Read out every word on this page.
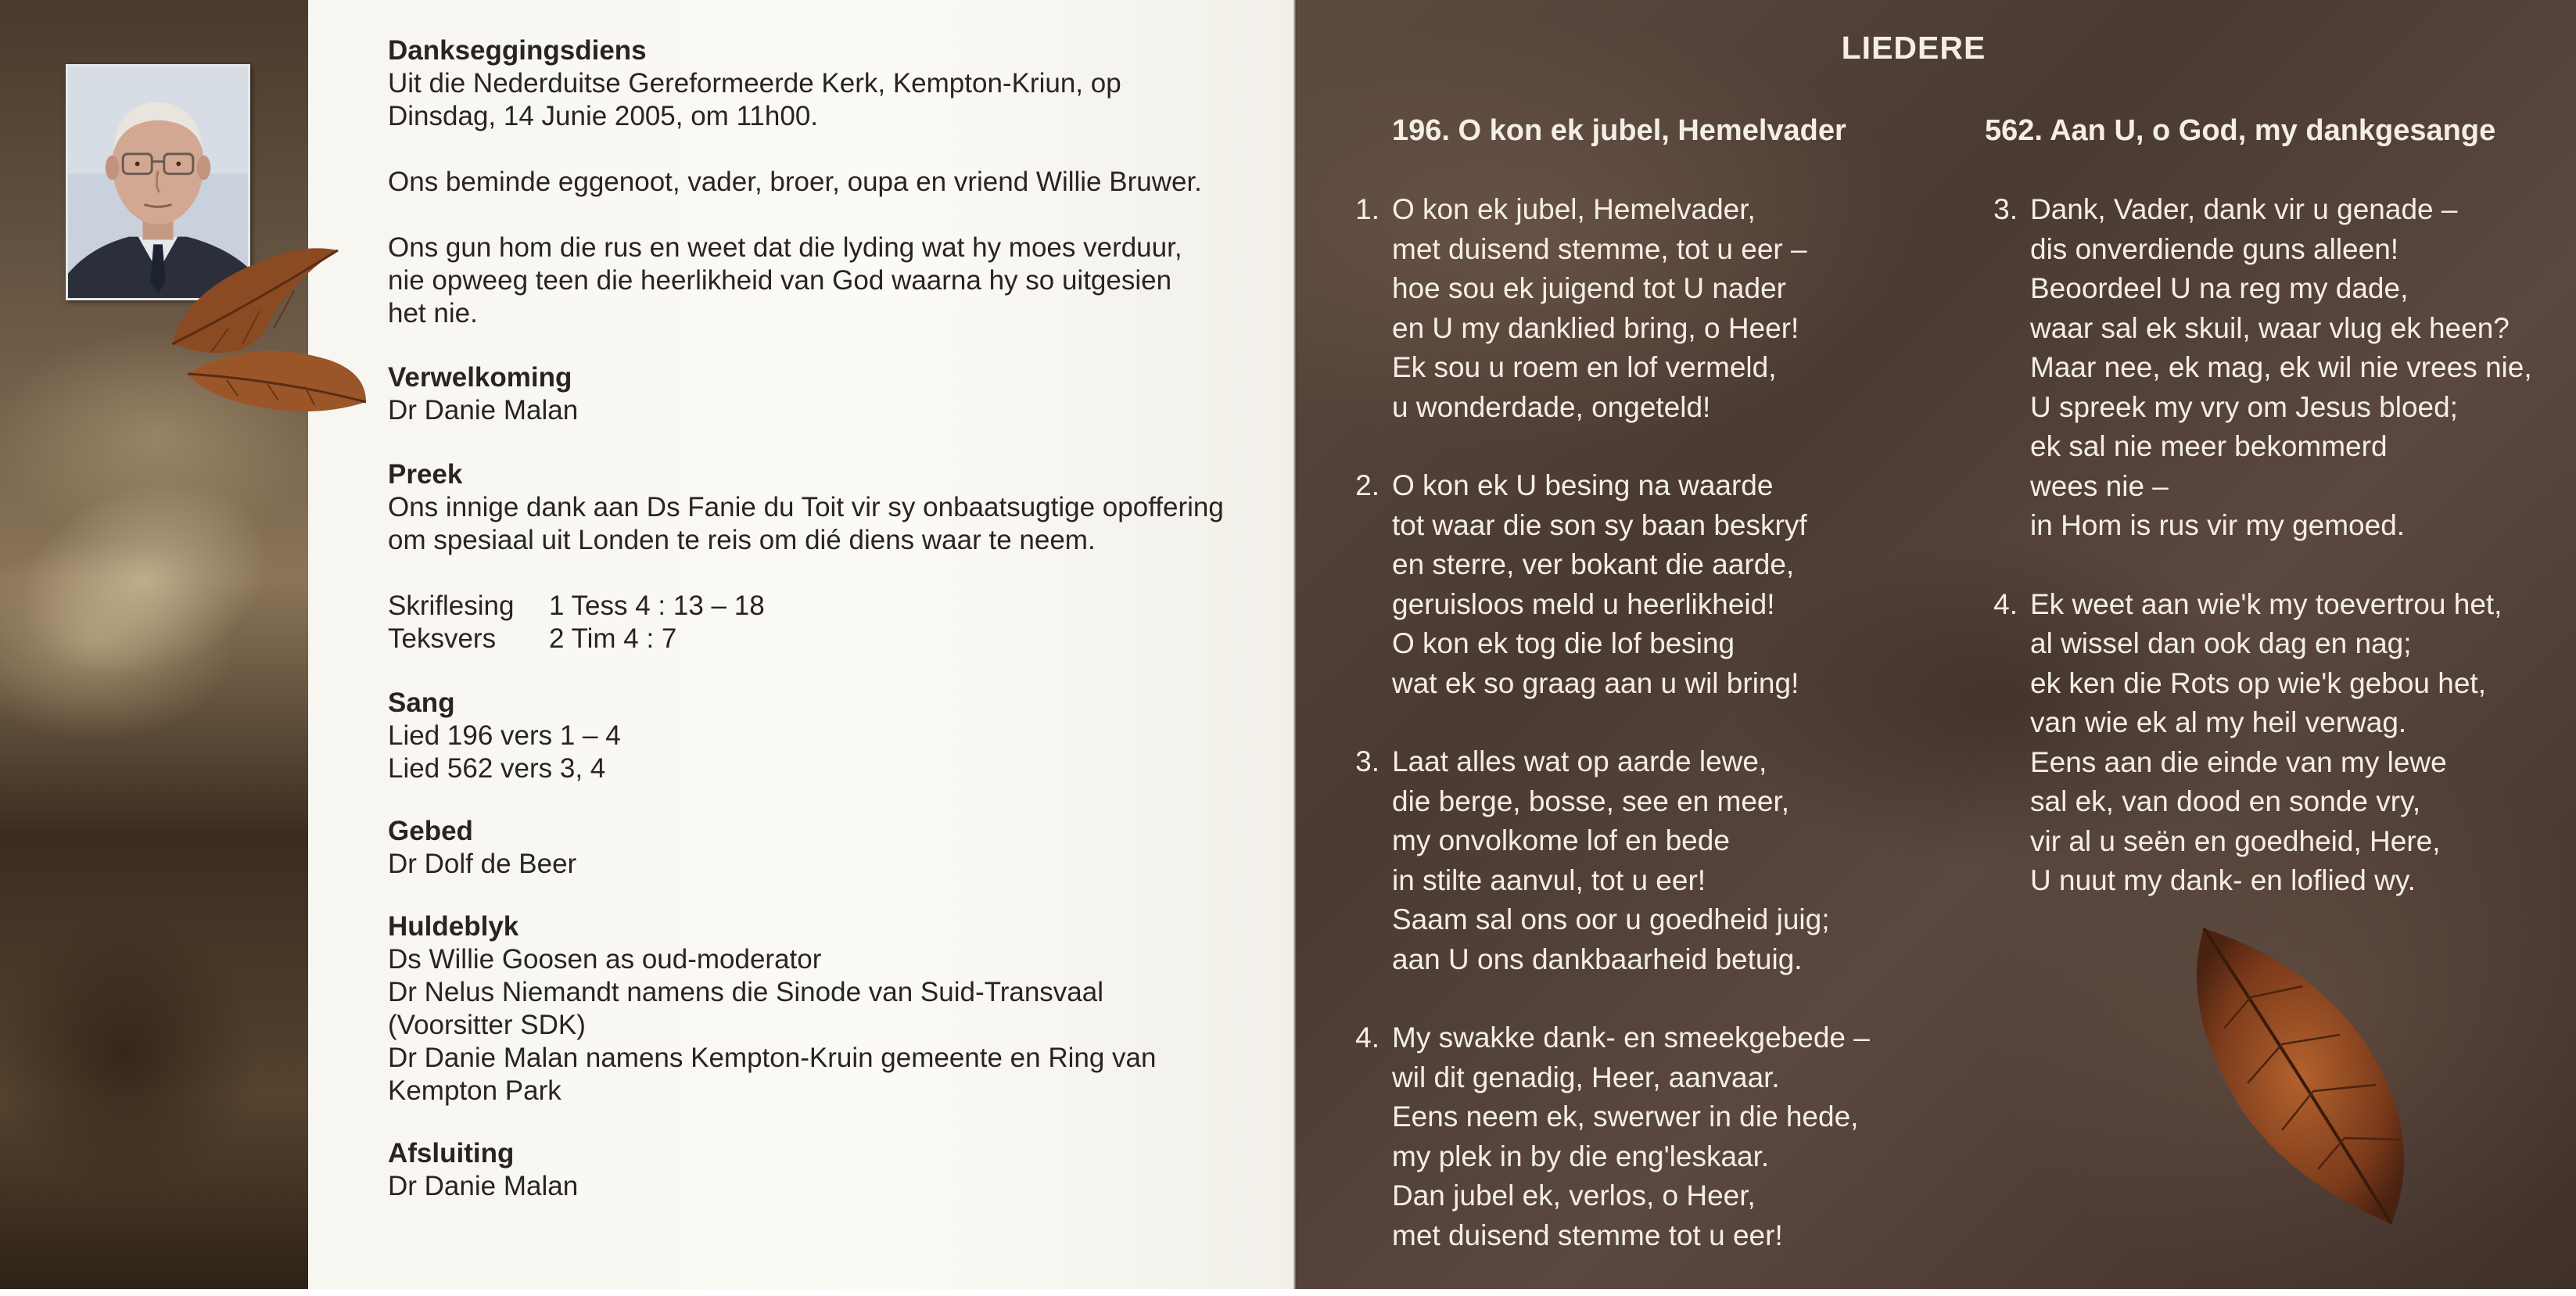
Dankseggingsdiens
Uit die Nederduitse Gereformeerde Kerk, Kempton-Kriun, op
Dinsdag, 14 Junie 2005, om 11h00.
Ons beminde eggenoot, vader, broer, oupa en vriend Willie Bruwer.
Ons gun hom die rus en weet dat die lyding wat hy moes verduur,
nie opweeg teen die heerlikheid van God waarna hy so uitgesien
het nie.
Verwelkoming
Dr Danie Malan
Preek
Ons innige dank aan Ds Fanie du Toit vir sy onbaatsugtige opoffering
om spesiaal uit Londen te reis om dié diens waar te neem.
Skriflesing	1 Tess 4 : 13 – 18
Teksvers	2 Tim 4 : 7
Sang
Lied 196 vers 1 – 4
Lied 562 vers 3, 4
Gebed
Dr Dolf de Beer
Huldeblyk
Ds Willie Goosen as oud-moderator
Dr Nelus Niemandt namens die Sinode van Suid-Transvaal
(Voorsitter SDK)
Dr Danie Malan namens Kempton-Kruin gemeente en Ring van
Kempton Park
Afsluiting
Dr Danie Malan
LIEDERE
196. O kon ek jubel, Hemelvader	562. Aan U, o God, my dankgesange
1. O kon ek jubel, Hemelvader,
met duisend stemme, tot u eer –
hoe sou ek juigend tot U nader
en U my danklied bring, o Heer!
Ek sou u roem en lof vermeld,
u wonderdade, ongeteld!
2. O kon ek U besing na waarde
tot waar die son sy baan beskryf
en sterre, ver bokant die aarde,
geruisloos meld u heerlikheid!
O kon ek tog die lof besing
wat ek so graag aan u wil bring!
3. Laat alles wat op aarde lewe,
die berge, bosse, see en meer,
my onvolkome lof en bede
in stilte aanvul, tot u eer!
Saam sal ons oor u goedheid juig;
aan U ons dankbaarheid betuig.
4. My swakke dank- en smeekgebede –
wil dit genadig, Heer, aanvaar.
Eens neem ek, swerwer in die hede,
my plek in by die eng'leskaar.
Dan jubel ek, verlos, o Heer,
met duisend stemme tot u eer!
3. Dank, Vader, dank vir u genade –
dis onverdiende guns alleen!
Beoordeel U na reg my dade,
waar sal ek skuil, waar vlug ek heen?
Maar nee, ek mag, ek wil nie vrees nie,
U spreek my vry om Jesus bloed;
ek sal nie meer bekommerd
wees nie –
in Hom is rus vir my gemoed.
4. Ek weet aan wie'k my toevertrou het,
al wissel dan ook dag en nag;
ek ken die Rots op wie'k gebou het,
van wie ek al my heil verwag.
Eens aan die einde van my lewe
sal ek, van dood en sonde vry,
vir al u seën en goedheid, Here,
U nuut my dank- en loflied wy.
